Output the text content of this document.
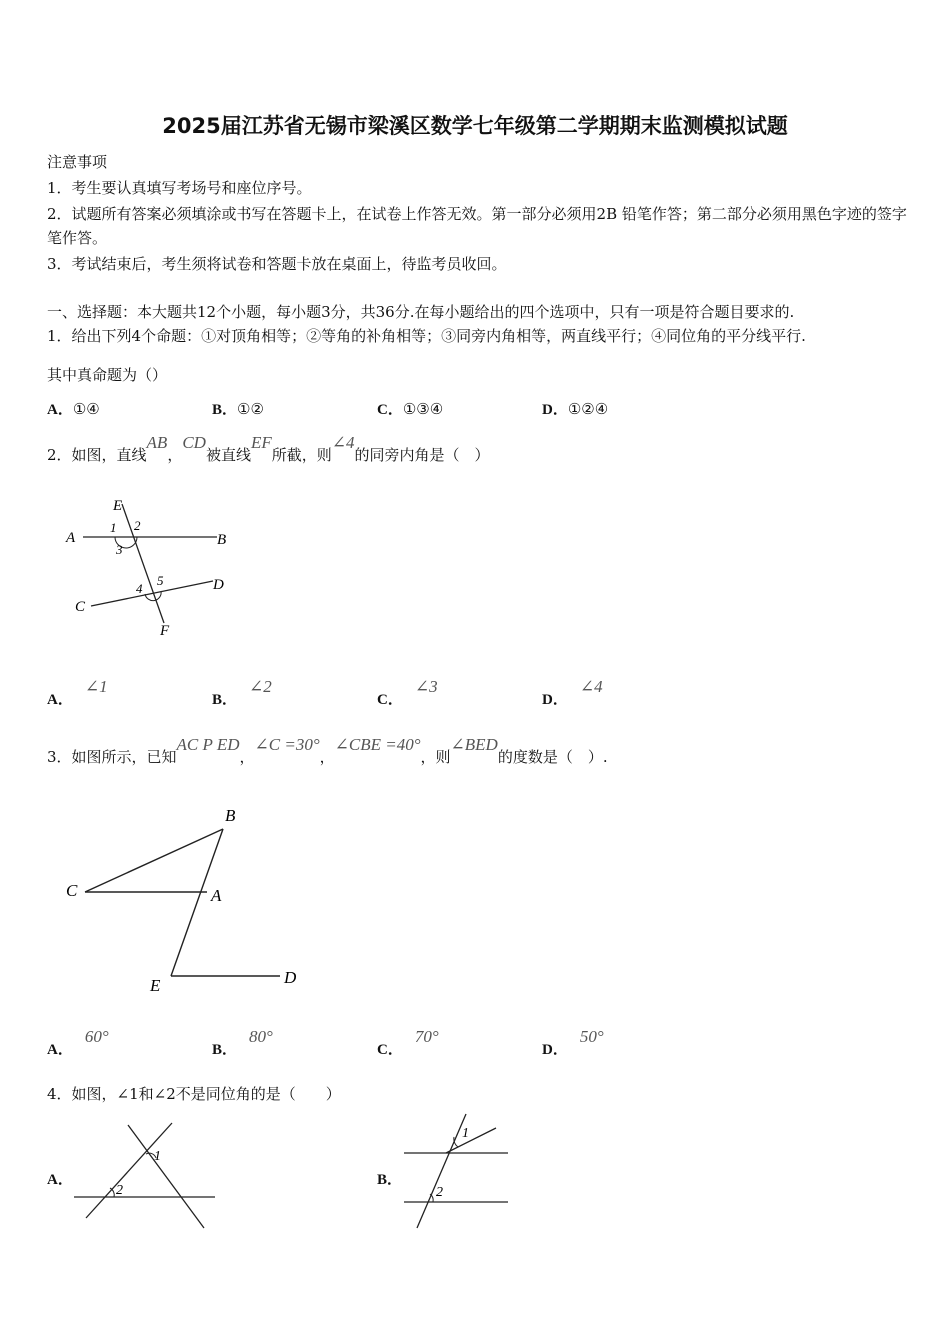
2025届江苏省无锡市梁溪区数学七年级第二学期期末监测模拟试题
注意事项
1．考生要认真填写考场号和座位序号。
2．试题所有答案必须填涂或书写在答题卡上，在试卷上作答无效。第一部分必须用2B 铅笔作答；第二部分必须用黑色字迹的签字笔作答。
3．考试结束后，考生须将试卷和答题卡放在桌面上，待监考员收回。
一、选择题：本大题共12个小题，每小题3分，共36分.在每小题给出的四个选项中，只有一项是符合题目要求的.
1．给出下列4个命题：①对顶角相等；②等角的补角相等；③同旁内角相等，两直线平行；④同位角的平分线平行.
其中真命题为（）
A．①④	B．①②	C．①③④	D．①②④
2．如图，直线AB，CD被直线EF所截，则∠4的同旁内角是（　）
E
A	B
C
D
F
1 2
3
4
5
A．∠1
B．∠2
C．∠3
D．∠4
3．如图所示，已知AC P ED，∠C =30°，∠CBE =40°，则∠BED的度数是（　）.
B
C	A
E	D
A．60°
B．80°
C．70°
D．50°
4．如图，∠1和∠2不是同位角的是（　　）
A．
1
2
B．
1
2
